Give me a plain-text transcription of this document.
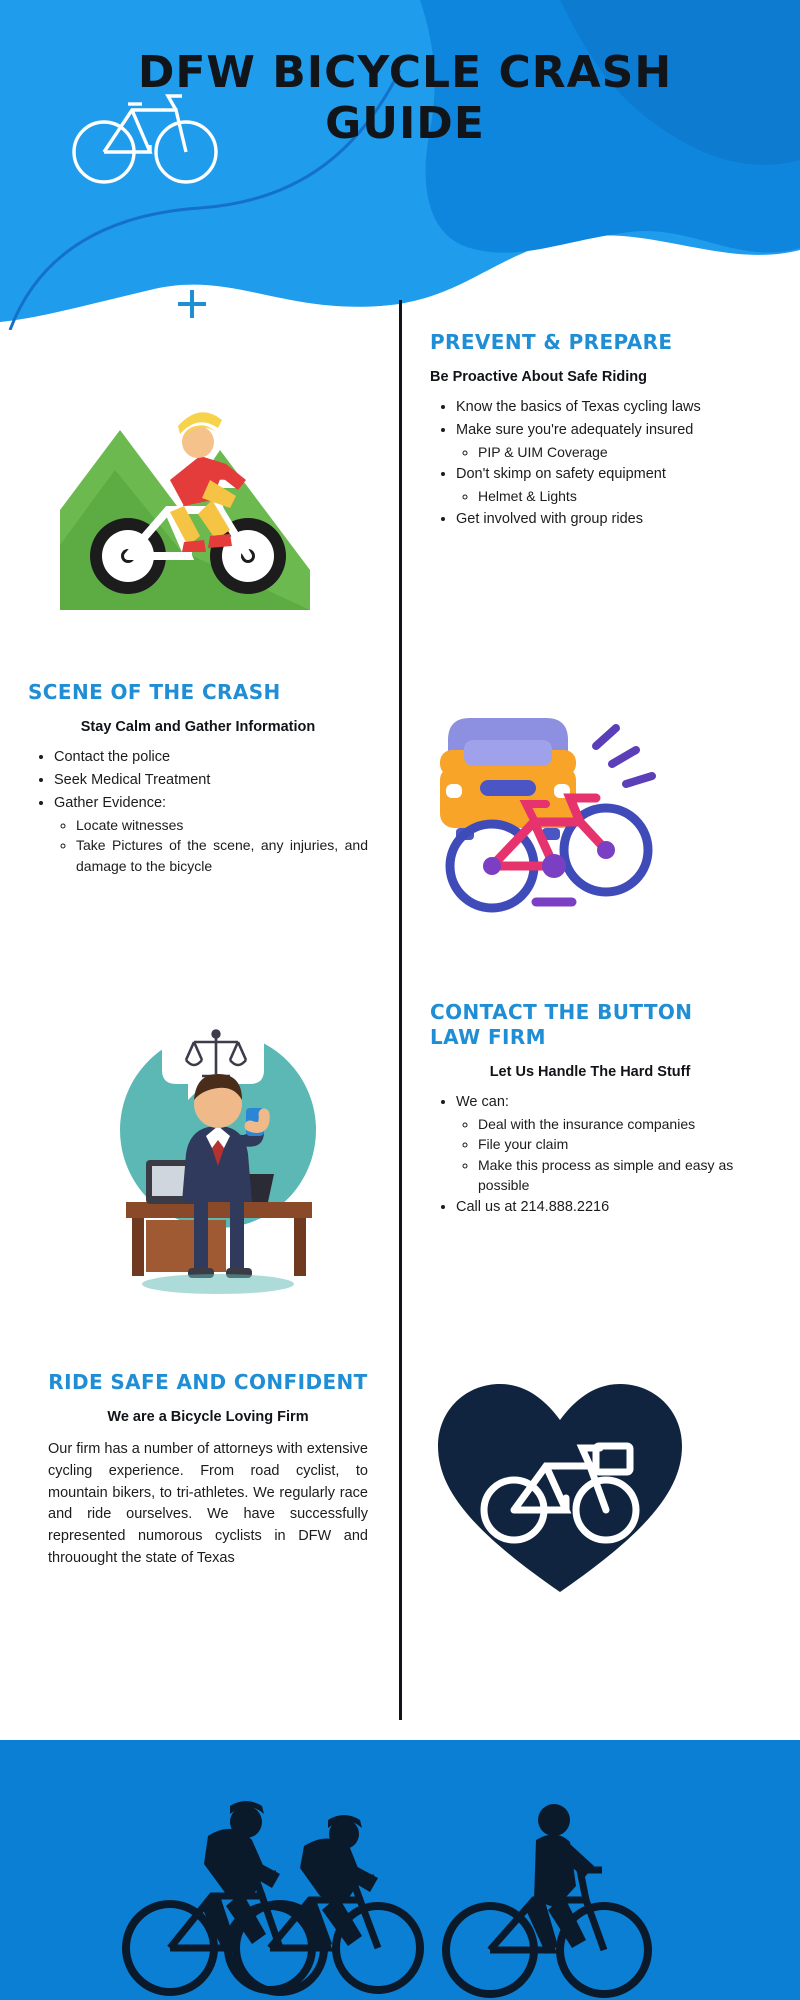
DFW BICYCLE CRASH GUIDE
PREVENT & PREPARE
Be Proactive About Safe Riding
• Know the basics of Texas cycling laws
• Make sure you're adequately insured
◦ PIP & UIM Coverage
• Don't skimp on safety equipment
◦ Helmet & Lights
• Get involved with group rides
SCENE OF THE CRASH
Stay Calm and Gather Information
• Contact the police
• Seek Medical Treatment
• Gather Evidence:
◦ Locate witnesses
◦ Take Pictures of the scene, any injuries, and damage to the bicycle
CONTACT THE BUTTON LAW FIRM
Let Us Handle The Hard Stuff
• We can:
◦ Deal with the insurance companies
◦ File your claim
◦ Make this process as simple and easy as possible
• Call us at 214.888.2216
RIDE SAFE AND CONFIDENT
We are a Bicycle Loving Firm
Our firm has a number of attorneys with extensive cycling experience. From road cyclist, to mountain bikers, to tri-athletes. We regularly race and ride ourselves. We have successfully represented numorous cyclists in DFW and throuought the state of Texas
